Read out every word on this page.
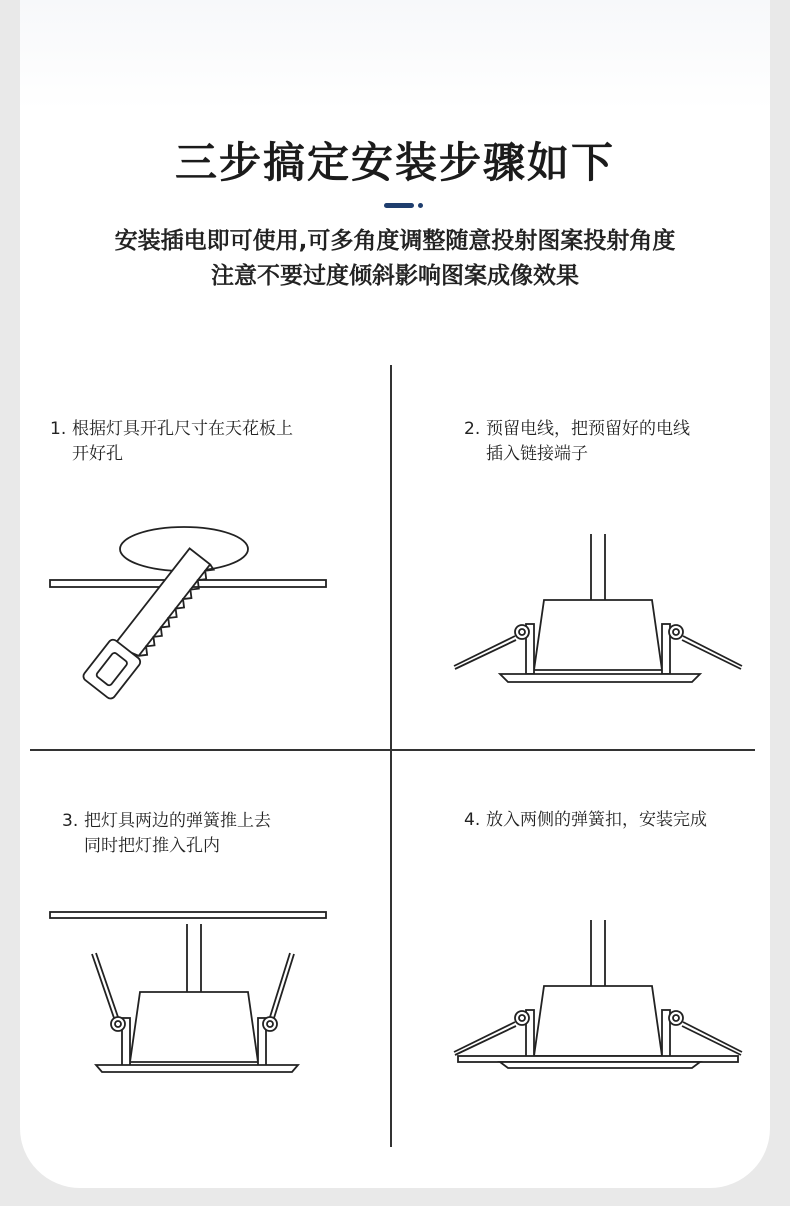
三步搞定安装步骤如下
安装插电即可使用,可多角度调整随意投射图案投射角度
注意不要过度倾斜影响图案成像效果
1. 根据灯具开孔尺寸在天花板上
开好孔
2. 预留电线，把预留好的电线
插入链接端子
3. 把灯具两边的弹簧推上去
同时把灯推入孔内
4. 放入两侧的弹簧扣，安装完成
